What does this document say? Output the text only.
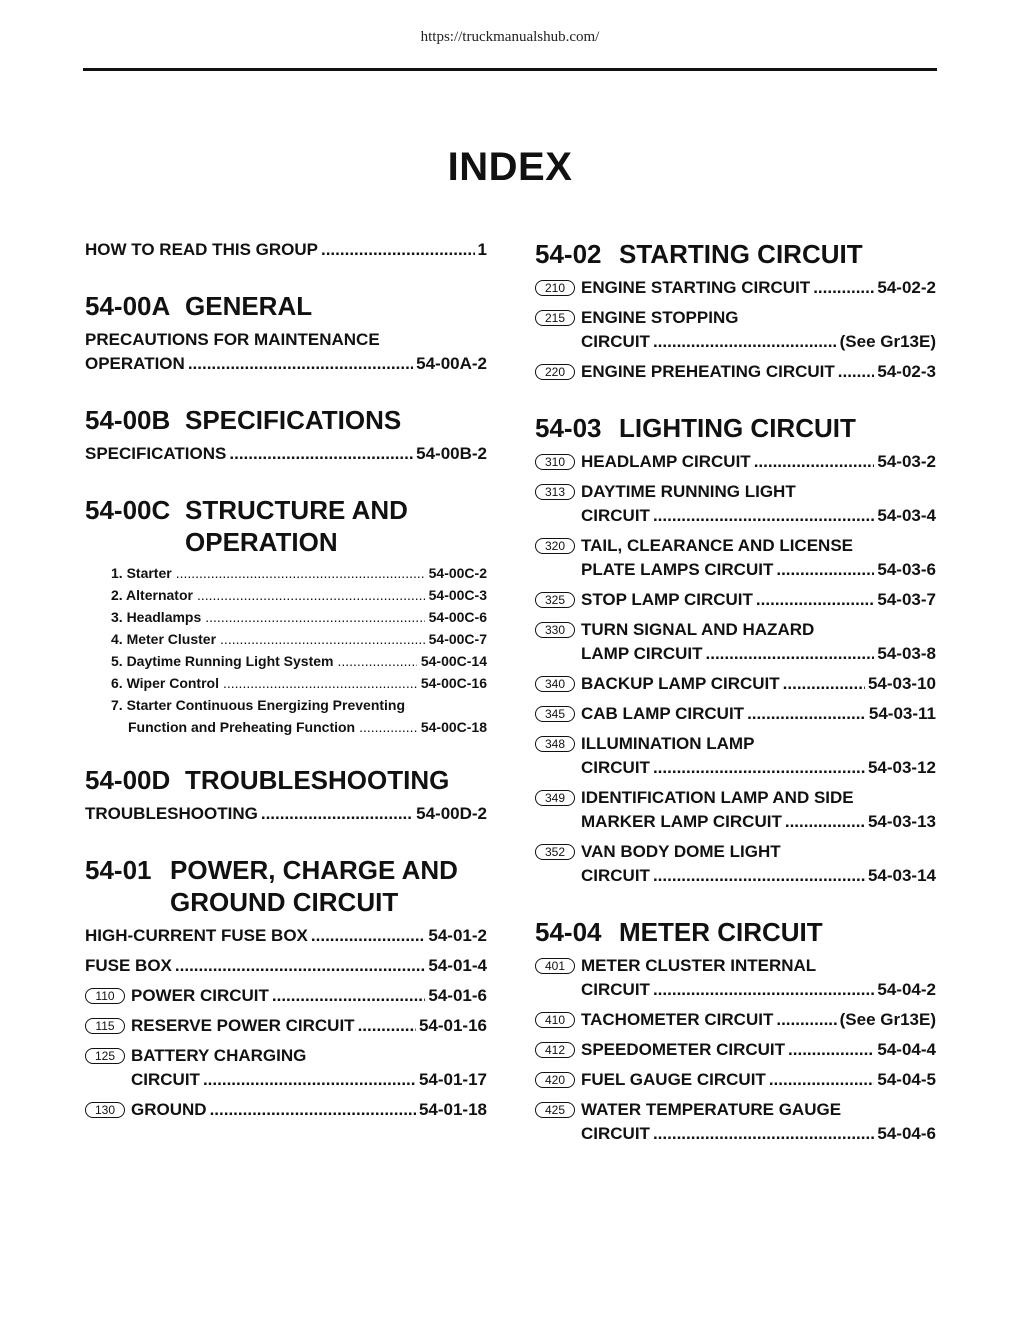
https://truckmanualshub.com/
INDEX
HOW TO READ THIS GROUP .....	1
54-00A GENERAL
PRECAUTIONS FOR MAINTENANCE
OPERATION .....	54-00A-2
54-00B SPECIFICATIONS
SPECIFICATIONS .....	54-00B-2
54-00C STRUCTURE AND
OPERATION
1. Starter .....	54-00C-2
2. Alternator .....	54-00C-3
3. Headlamps .....	54-00C-6
4. Meter Cluster .....	54-00C-7
5. Daytime Running Light System .....	54-00C-14
6. Wiper Control .....	54-00C-16
7. Starter Continuous Energizing Preventing
Function and Preheating Function .....	54-00C-18
54-00D TROUBLESHOOTING
TROUBLESHOOTING .....	54-00D-2
54-01 POWER, CHARGE AND
GROUND CIRCUIT
HIGH-CURRENT FUSE BOX .....	54-01-2
FUSE BOX .....	54-01-4
110 POWER CIRCUIT .....	54-01-6
115 RESERVE POWER CIRCUIT .....	54-01-16
125 BATTERY CHARGING
CIRCUIT .....	54-01-17
130 GROUND .....	54-01-18
54-02 STARTING CIRCUIT
210 ENGINE STARTING CIRCUIT .....	54-02-2
215 ENGINE STOPPING
CIRCUIT .....	(See Gr13E)
220 ENGINE PREHEATING CIRCUIT .....	54-02-3
54-03 LIGHTING CIRCUIT
310 HEADLAMP CIRCUIT .....	54-03-2
313 DAYTIME RUNNING LIGHT
CIRCUIT .....	54-03-4
320 TAIL, CLEARANCE AND LICENSE
PLATE LAMPS CIRCUIT .....	54-03-6
325 STOP LAMP CIRCUIT .....	54-03-7
330 TURN SIGNAL AND HAZARD
LAMP CIRCUIT .....	54-03-8
340 BACKUP LAMP CIRCUIT .....	54-03-10
345 CAB LAMP CIRCUIT .....	54-03-11
348 ILLUMINATION LAMP
CIRCUIT .....	54-03-12
349 IDENTIFICATION LAMP AND SIDE
MARKER LAMP CIRCUIT .....	54-03-13
352 VAN BODY DOME LIGHT
CIRCUIT .....	54-03-14
54-04 METER CIRCUIT
401 METER CLUSTER INTERNAL
CIRCUIT .....	54-04-2
410 TACHOMETER CIRCUIT .....	(See Gr13E)
412 SPEEDOMETER CIRCUIT .....	54-04-4
420 FUEL GAUGE CIRCUIT .....	54-04-5
425 WATER TEMPERATURE GAUGE
CIRCUIT .....	54-04-6
